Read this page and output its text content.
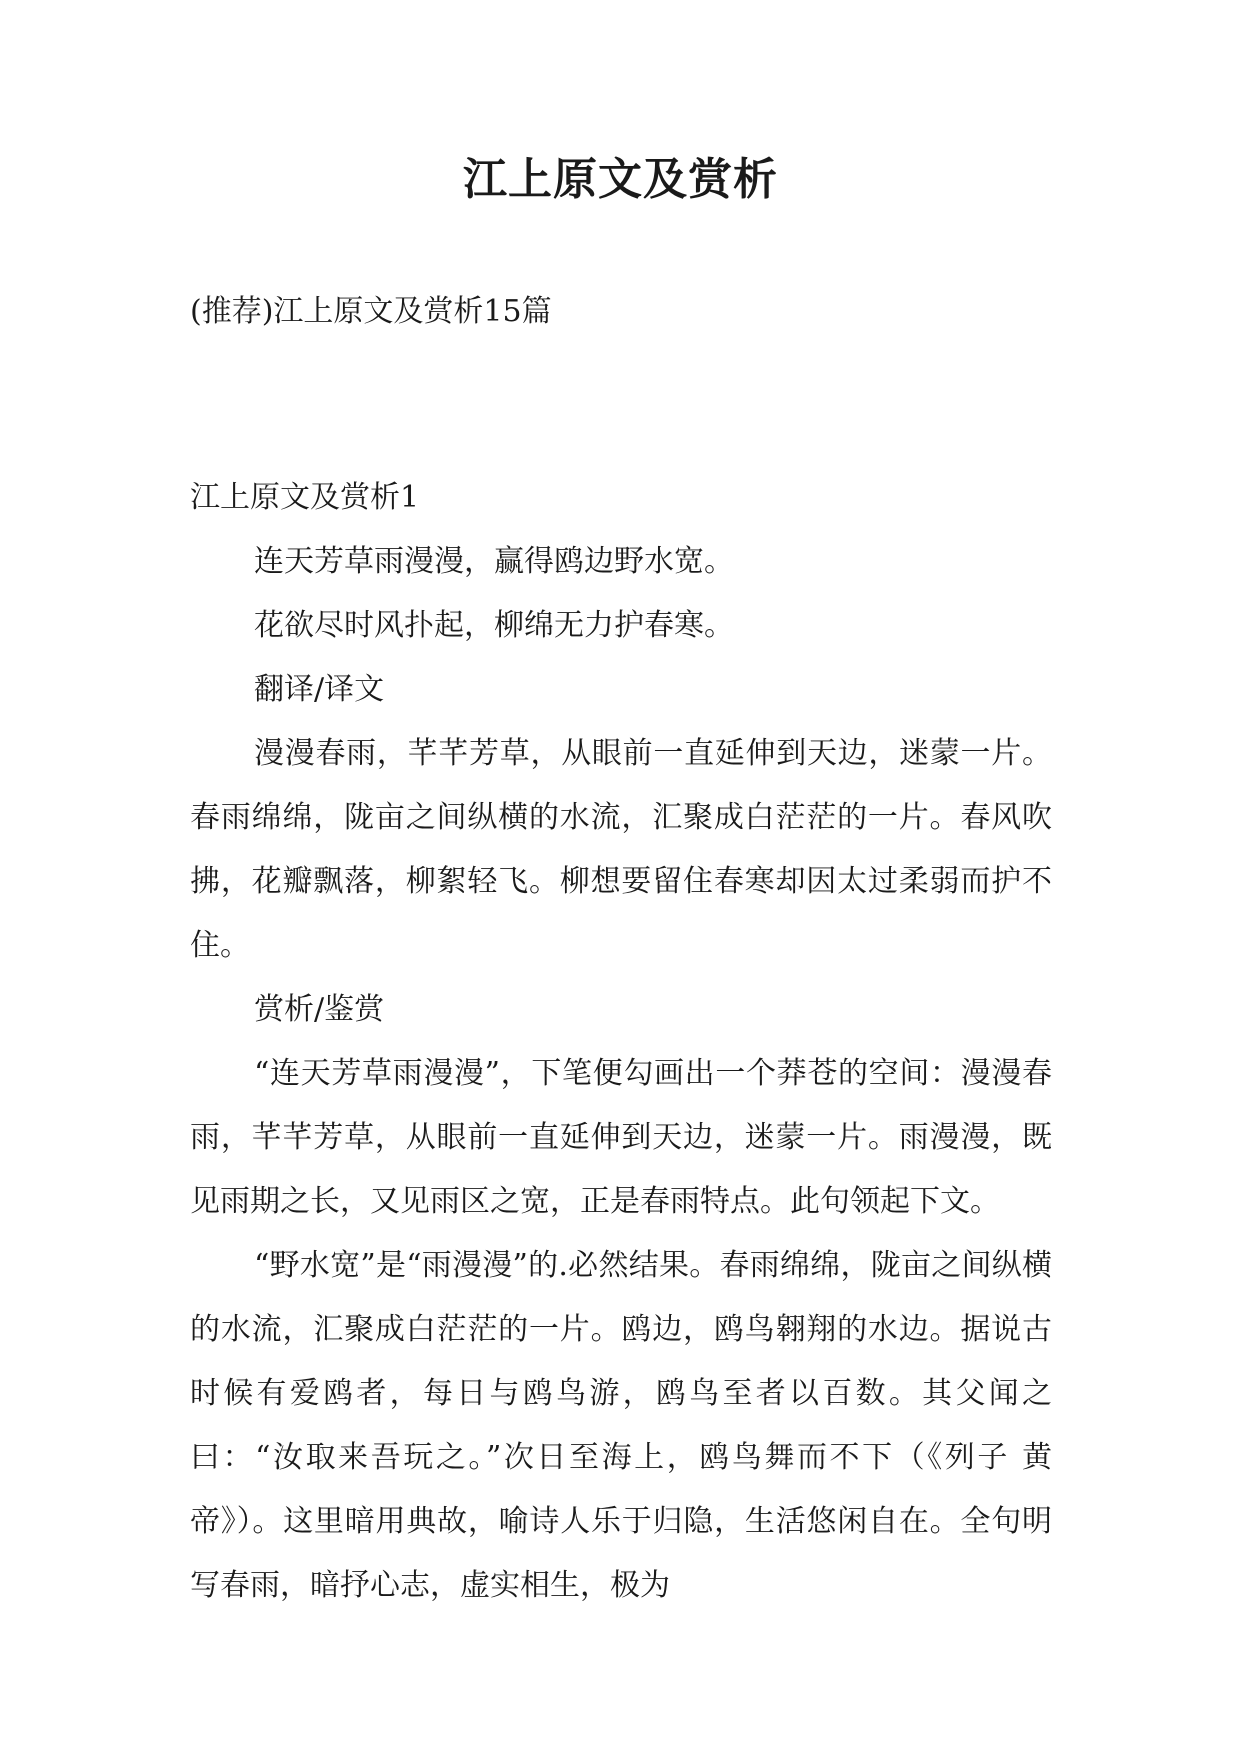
江上原文及赏析
(推荐)江上原文及赏析15篇

江上原文及赏析1

连天芳草雨漫漫，赢得鸥边野水宽。

花欲尽时风扑起，柳绵无力护春寒。

翻译/译文

漫漫春雨，芊芊芳草，从眼前一直延伸到天边，迷蒙一片。春雨绵绵，陇亩之间纵横的水流，汇聚成白茫茫的一片。春风吹拂，花瓣飘落，柳絮轻飞。柳想要留住春寒却因太过柔弱而护不住。

赏析/鉴赏

“连天芳草雨漫漫”，下笔便勾画出一个莽苍的空间：漫漫春雨，芊芊芳草，从眼前一直延伸到天边，迷蒙一片。雨漫漫，既见雨期之长，又见雨区之宽，正是春雨特点。此句领起下文。

“野水宽”是“雨漫漫”的.必然结果。春雨绵绵，陇亩之间纵横的水流，汇聚成白茫茫的一片。鸥边，鸥鸟翱翔的水边。据说古时候有爱鸥者，每日与鸥鸟游，鸥鸟至者以百数。其父闻之曰：“汝取来吾玩之。”次日至海上，鸥鸟舞而不下（《列子 黄帝》）。这里暗用典故，喻诗人乐于归隐，生活悠闲自在。全句明写春雨，暗抒心志，虚实相生，极为
